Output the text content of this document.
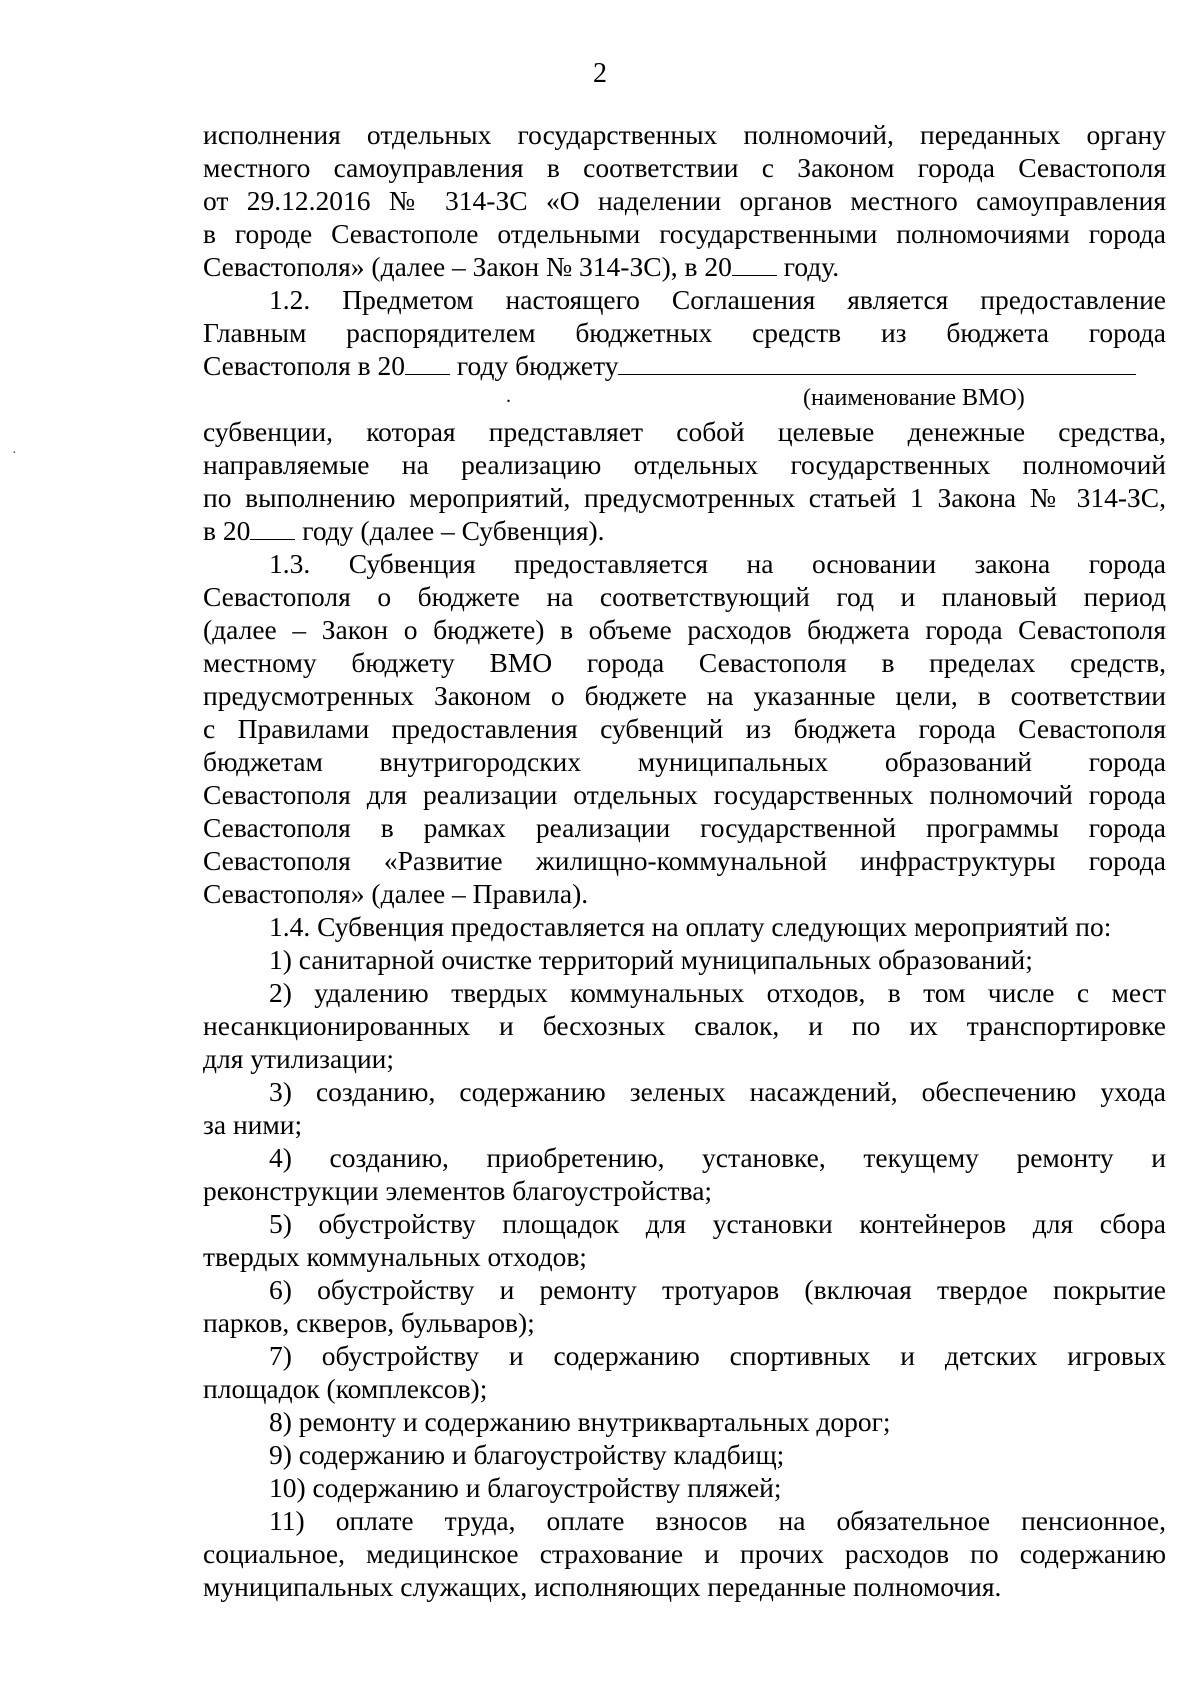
2
·
исполнения отдельных государственных полномочий, переданных органу
местного самоуправления в соответствии с Законом города Севастополя
от 29.12.2016 № 314-ЗС «О наделении органов местного самоуправления
в городе Севастополе отдельными государственными полномочиями города
Севастополя» (далее – Закон № 314-ЗС), в 20 году.
1.2. Предметом настоящего Соглашения является предоставление
Главным распорядителем бюджетных средств из бюджета города
Севастополя в 20 году бюджету
.	(наименование ВМО)
субвенции, которая представляет собой целевые денежные средства,
направляемые на реализацию отдельных государственных полномочий
по выполнению мероприятий, предусмотренных статьей 1 Закона № 314-ЗС,
в 20 году (далее – Субвенция).
1.3. Субвенция предоставляется на основании закона города
Севастополя о бюджете на соответствующий год и плановый период
(далее – Закон о бюджете) в объеме расходов бюджета города Севастополя
местному бюджету ВМО города Севастополя в пределах средств,
предусмотренных Законом о бюджете на указанные цели, в соответствии
с Правилами предоставления субвенций из бюджета города Севастополя
бюджетам внутригородских муниципальных образований города
Севастополя для реализации отдельных государственных полномочий города
Севастополя в рамках реализации государственной программы города
Севастополя «Развитие жилищно-коммунальной инфраструктуры города
Севастополя» (далее – Правила).
1.4. Субвенция предоставляется на оплату следующих мероприятий по:
1) санитарной очистке территорий муниципальных образований;
2) удалению твердых коммунальных отходов, в том числе с мест
несанкционированных и бесхозных свалок, и по их транспортировке
для утилизации;
3) созданию, содержанию зеленых насаждений, обеспечению ухода
за ними;
4) созданию, приобретению, установке, текущему ремонту и
реконструкции элементов благоустройства;
5) обустройству площадок для установки контейнеров для сбора
твердых коммунальных отходов;
6) обустройству и ремонту тротуаров (включая твердое покрытие
парков, скверов, бульваров);
7) обустройству и содержанию спортивных и детских игровых
площадок (комплексов);
8) ремонту и содержанию внутриквартальных дорог;
9) содержанию и благоустройству кладбищ;
10) содержанию и благоустройству пляжей;
11) оплате труда, оплате взносов на обязательное пенсионное,
социальное, медицинское страхование и прочих расходов по содержанию
муниципальных служащих, исполняющих переданные полномочия.
